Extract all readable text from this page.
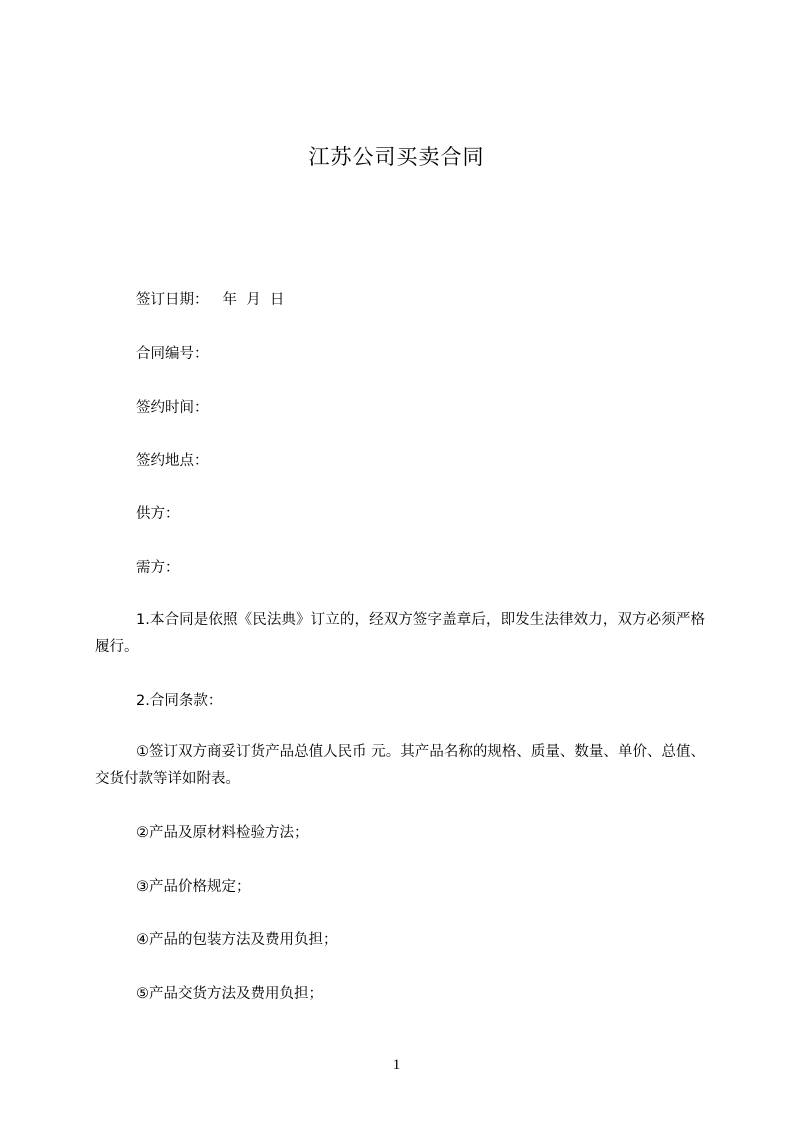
江苏公司买卖合同
签订日期： 年  月  日
合同编号：
签约时间：
签约地点：
供方：
需方：
1.本合同是依照《民法典》订立的，经双方签字盖章后，即发生法律效力，双方必须严格履行。
2.合同条款：
①签订双方商妥订货产品总值人民币 元。其产品名称的规格、质量、数量、单价、总值、交货付款等详如附表。
②产品及原材料检验方法；
③产品价格规定；
④产品的包装方法及费用负担；
⑤产品交货方法及费用负担；
1
